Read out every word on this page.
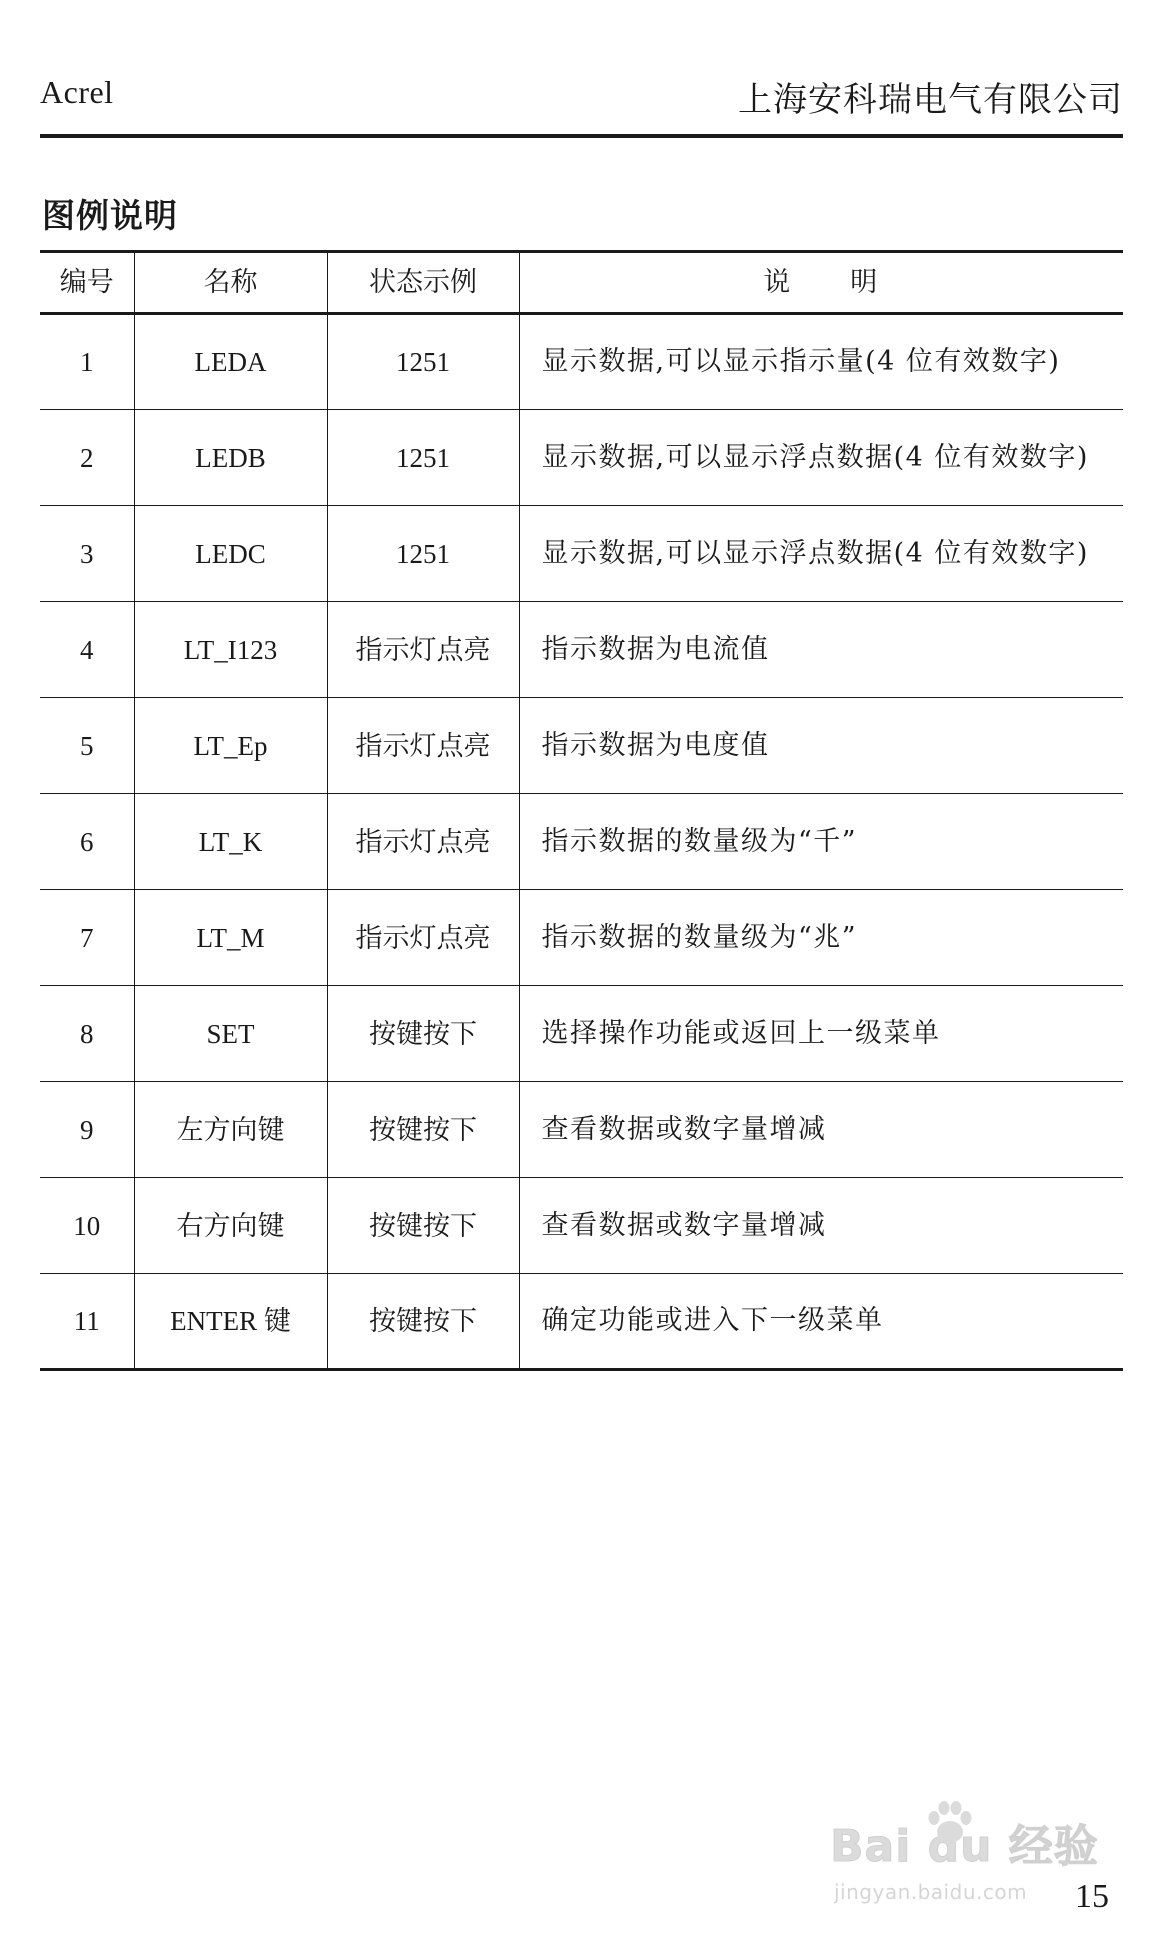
Acrel	上海安科瑞电气有限公司
图例说明
编号	名称	状态示例	说　　明
1	LEDA	1251	显示数据,可以显示指示量(4 位有效数字)
2	LEDB	1251	显示数据,可以显示浮点数据(4 位有效数字)
3	LEDC	1251	显示数据,可以显示浮点数据(4 位有效数字)
4	LT_I123	指示灯点亮	指示数据为电流值
5	LT_Ep	指示灯点亮	指示数据为电度值
6	LT_K	指示灯点亮	指示数据的数量级为“千”
7	LT_M	指示灯点亮	指示数据的数量级为“兆”
8	SET	按键按下	选择操作功能或返回上一级菜单
9	左方向键	按键按下	查看数据或数字量增减
10	右方向键	按键按下	查看数据或数字量增减
11	ENTER 键	按键按下	确定功能或进入下一级菜单
Bai du 经验
jingyan.baidu.com 15
